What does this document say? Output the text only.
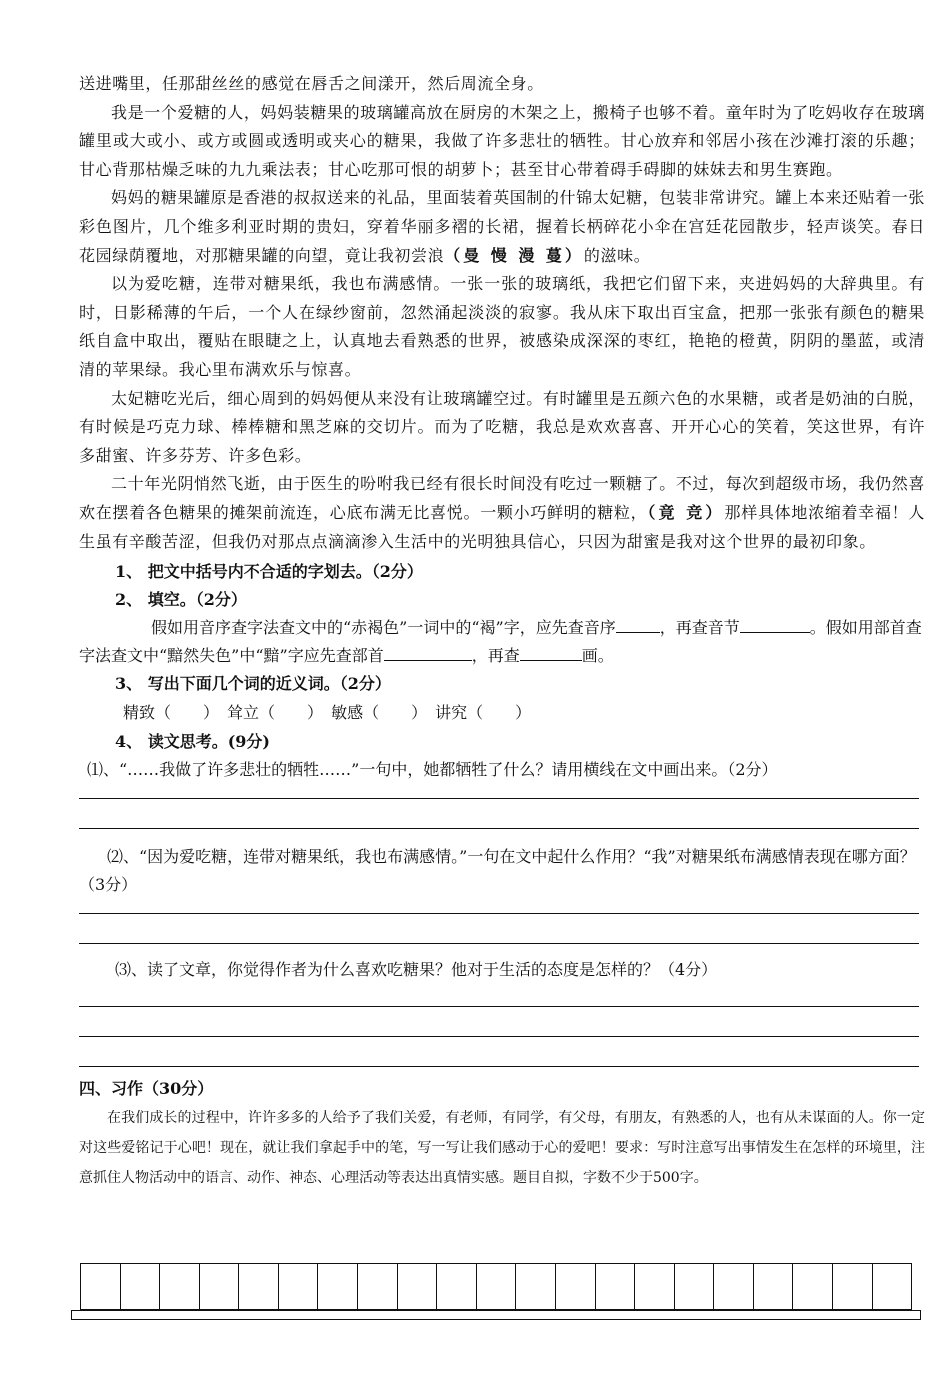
送进嘴里，任那甜丝丝的感觉在唇舌之间漾开，然后周流全身。

我是一个爱糖的人，妈妈装糖果的玻璃罐高放在厨房的木架之上，搬椅子也够不着。童年时为了吃妈收存在玻璃罐里或大或小、或方或圆或透明或夹心的糖果，我做了许多悲壮的牺牲。甘心放弃和邻居小孩在沙滩打滚的乐趣；甘心背那枯燥乏味的九九乘法表；甘心吃那可恨的胡萝卜；甚至甘心带着碍手碍脚的妹妹去和男生赛跑。

妈妈的糖果罐原是香港的叔叔送来的礼品，里面装着英国制的什锦太妃糖，包装非常讲究。罐上本来还贴着一张彩色图片，几个维多利亚时期的贵妇，穿着华丽多褶的长裙，握着长柄碎花小伞在宫廷花园散步，轻声谈笑。春日花园绿荫覆地，对那糖果罐的向望，竟让我初尝浪（曼 慢 漫 蔓）的滋味。

以为爱吃糖，连带对糖果纸，我也布满感情。一张一张的玻璃纸，我把它们留下来，夹进妈妈的大辞典里。有时，日影稀薄的午后，一个人在绿纱窗前，忽然涌起淡淡的寂寥。我从床下取出百宝盒，把那一张张有颜色的糖果纸自盒中取出，覆贴在眼睫之上，认真地去看熟悉的世界，被感染成深深的枣红，艳艳的橙黄，阴阴的墨蓝，或清清的苹果绿。我心里布满欢乐与惊喜。

太妃糖吃光后，细心周到的妈妈便从来没有让玻璃罐空过。有时罐里是五颜六色的水果糖，或者是奶油的白脱，有时候是巧克力球、棒棒糖和黑芝麻的交切片。而为了吃糖，我总是欢欢喜喜、开开心心的笑着，笑这世界，有许多甜蜜、许多芬芳、许多色彩。

二十年光阴悄然飞逝，由于医生的吩咐我已经有很长时间没有吃过一颗糖了。不过，每次到超级市场，我仍然喜欢在摆着各色糖果的摊架前流连，心底布满无比喜悦。一颗小巧鲜明的糖粒，（竟 竞）那样具体地浓缩着幸福！人生虽有辛酸苦涩，但我仍对那点点滴滴渗入生活中的光明独具信心，只因为甜蜜是我对这个世界的最初印象。

1、 把文中括号内不合适的字划去。（2分）

2、 填空。（2分）

假如用音序查字法查文中的“赤褐色”一词中的“褐”字，应先查音序	，再查音节	。假如用部首查字法查文中“黯然失色”中“黯”字应先查部首	，再查	画。

3、 写出下面几个词的近义词。（2分）

精致（　　）　 耸立（　　）　 敏感（　　）　 讲究（　　）

4、 读文思考。(9分)

⑴、“……我做了许多悲壮的牺牲……”一句中，她都牺牲了什么？请用横线在文中画出来。（2分）

⑵、“因为爱吃糖，连带对糖果纸，我也布满感情。”一句在文中起什么作用？“我”对糖果纸布满感情表现在哪方面？（3分）

⑶、读了文章，你觉得作者为什么喜欢吃糖果？他对于生活的态度是怎样的？（4分）

四、习作（30分）

在我们成长的过程中，许许多多的人给予了我们关爱，有老师，有同学，有父母，有朋友，有熟悉的人，也有从未谋面的人。你一定对这些爱铭记于心吧！现在，就让我们拿起手中的笔，写一写让我们感动于心的爱吧！要求：写时注意写出事情发生在怎样的环境里，注意抓住人物活动中的语言、动作、神态、心理活动等表达出真情实感。题目自拟，字数不少于500字。
